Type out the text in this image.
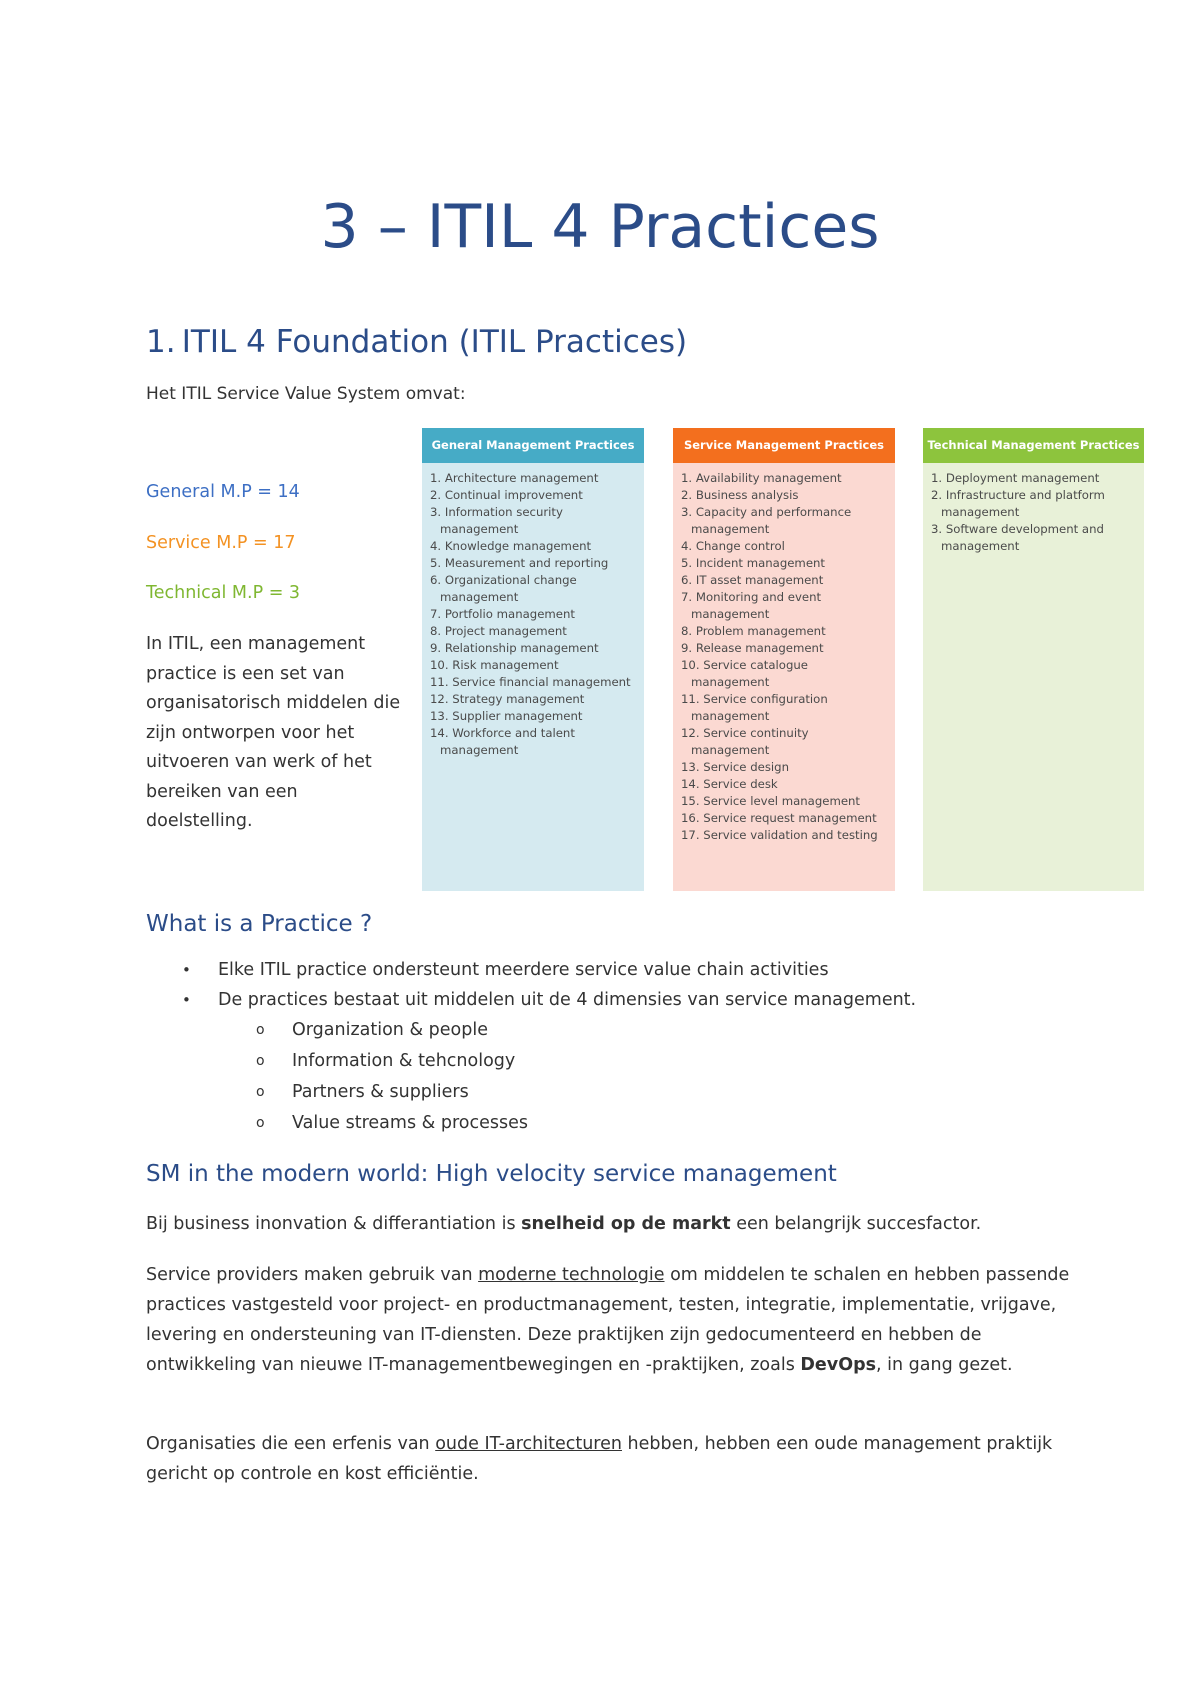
3 – ITIL 4 Practices
1. ITIL 4 Foundation (ITIL Practices)

Het ITIL Service Value System omvat:

General M.P = 14

Service M.P = 17

Technical M.P = 3

In ITIL, een management practice is een set van organisatorisch middelen die zijn ontworpen voor het uitvoeren van werk of het bereiken van een doelstelling.

General Management Practices
1. Architecture management
2. Continual improvement
3. Information security
management
4. Knowledge management
5. Measurement and reporting
6. Organizational change
management
7. Portfolio management
8. Project management
9. Relationship management
10. Risk management
11. Service financial management
12. Strategy management
13. Supplier management
14. Workforce and talent
management
Service Management Practices
1. Availability management
2. Business analysis
3. Capacity and performance
management
4. Change control
5. Incident management
6. IT asset management
7. Monitoring and event
management
8. Problem management
9. Release management
10. Service catalogue
management
11. Service configuration
management
12. Service continuity
management
13. Service design
14. Service desk
15. Service level management
16. Service request management
17. Service validation and testing
Technical Management Practices
1. Deployment management
2. Infrastructure and platform
management
3. Software development and
management
What is a Practice ?
• Elke ITIL practice ondersteunt meerdere service value chain activities
• De practices bestaat uit middelen uit de 4 dimensies van service management.
o Organization & people
o Information & tehcnology
o Partners & suppliers
o Value streams & processes
SM in the modern world: High velocity service management

Bij business inonvation & differantiation is snelheid op de markt een belangrijk succesfactor.

Service providers maken gebruik van moderne technologie om middelen te schalen en hebben passende practices vastgesteld voor project- en productmanagement, testen, integratie, implementatie, vrijgave, levering en ondersteuning van IT-diensten. Deze praktijken zijn gedocumenteerd en hebben de ontwikkeling van nieuwe IT-managementbewegingen en -praktijken, zoals DevOps, in gang gezet.

Organisaties die een erfenis van oude IT-architecturen hebben, hebben een oude management praktijk gericht op controle en kost efficiëntie.
